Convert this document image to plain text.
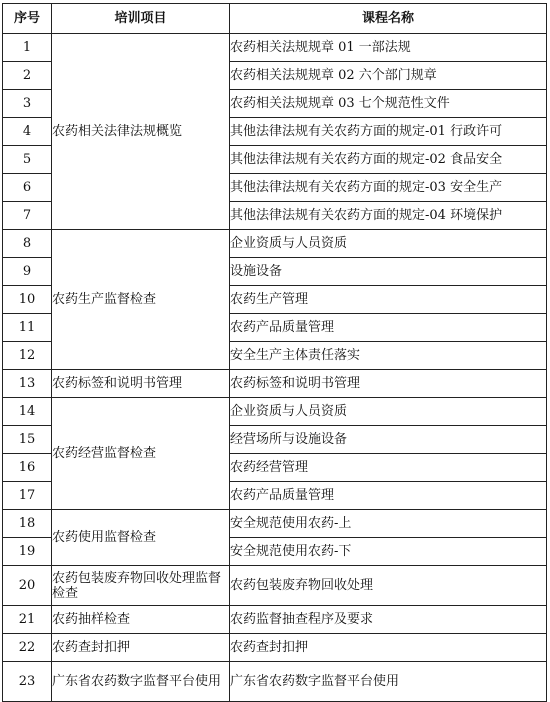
序号	培训项目	课程名称
1	农药相关法律法规概览	农药相关法规规章 01 一部法规
2		农药相关法规规章 02 六个部门规章
3		农药相关法规规章 03 七个规范性文件
4		其他法律法规有关农药方面的规定-01 行政许可
5		其他法律法规有关农药方面的规定-02 食品安全
6		其他法律法规有关农药方面的规定-03 安全生产
7		其他法律法规有关农药方面的规定-04 环境保护
8	农药生产监督检查	企业资质与人员资质
9		设施设备
10		农药生产管理
11		农药产品质量管理
12		安全生产主体责任落实
13	农药标签和说明书管理	农药标签和说明书管理
14	农药经营监督检查	企业资质与人员资质
15		经营场所与设施设备
16		农药经营管理
17		农药产品质量管理
18	农药使用监督检查	安全规范使用农药-上
19		安全规范使用农药-下
20	农药包装废弃物回收处理监督检查	农药包装废弃物回收处理
21	农药抽样检查	农药监督抽查程序及要求
22	农药查封扣押	农药查封扣押
23	广东省农药数字监督平台使用	广东省农药数字监督平台使用
